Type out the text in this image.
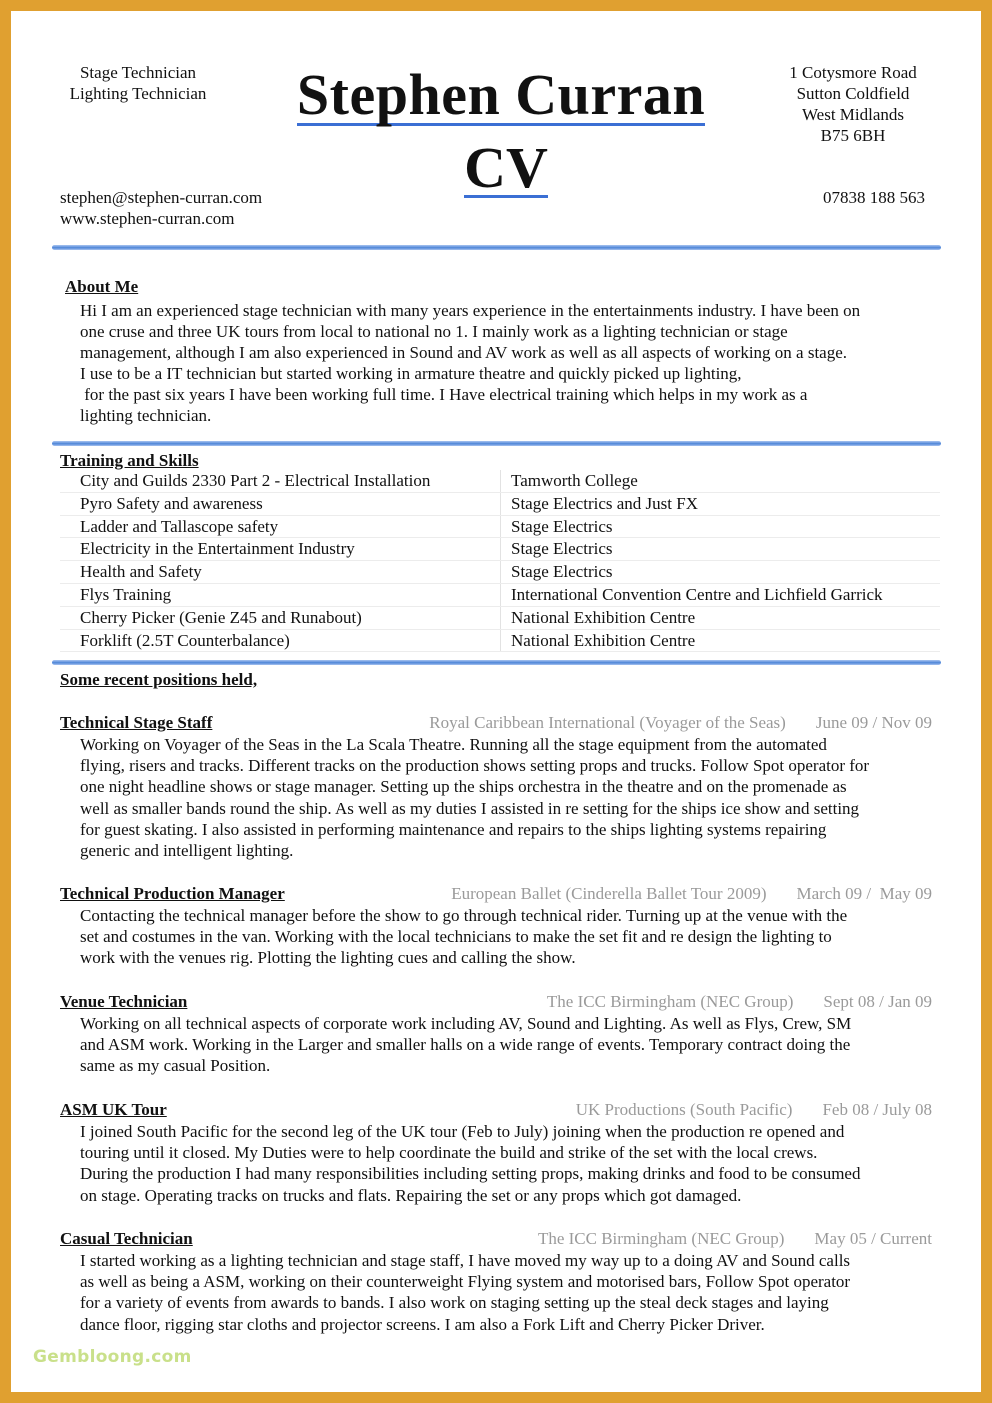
Stage Technician
Lighting Technician	Stephen Curran
CV
1 Cotysmore Road
Sutton Coldfield
West Midlands
B75 6BH
stephen@stephen-curran.com
www.stephen-curran.com
07838 188 563
About Me
Hi I am an experienced stage technician with many years experience in the entertainments industry. I have been on
one cruse and three UK tours from local to national no 1. I mainly work as a lighting technician or stage
management, although I am also experienced in Sound and AV work as well as all aspects of working on a stage.
I use to be a IT technician but started working in armature theatre and quickly picked up lighting,
for the past six years I have been working full time. I Have electrical training which helps in my work as a
lighting technician.
Training and Skills
City and Guilds 2330 Part 2 - Electrical Installation	Tamworth College
Pyro Safety and awareness	Stage Electrics and Just FX
Ladder and Tallascope safety	Stage Electrics
Electricity in the Entertainment Industry	Stage Electrics
Health and Safety	Stage Electrics
Flys Training	International Convention Centre and Lichfield Garrick
Cherry Picker (Genie Z45 and Runabout)	National Exhibition Centre
Forklift (2.5T Counterbalance)	National Exhibition Centre
Some recent positions held,
Technical Stage Staff	Royal Caribbean International (Voyager of the Seas) June 09 / Nov 09
Working on Voyager of the Seas in the La Scala Theatre. Running all the stage equipment from the automated
flying, risers and tracks. Different tracks on the production shows setting props and trucks. Follow Spot operator for
one night headline shows or stage manager. Setting up the ships orchestra in the theatre and on the promenade as
well as smaller bands round the ship. As well as my duties I assisted in re setting for the ships ice show and setting
for guest skating. I also assisted in performing maintenance and repairs to the ships lighting systems repairing
generic and intelligent lighting.
Technical Production Manager	European Ballet (Cinderella Ballet Tour 2009) March 09 /  May 09
Contacting the technical manager before the show to go through technical rider. Turning up at the venue with the
set and costumes in the van. Working with the local technicians to make the set fit and re design the lighting to
work with the venues rig. Plotting the lighting cues and calling the show.
Venue Technician	The ICC Birmingham (NEC Group) Sept 08 / Jan 09
Working on all technical aspects of corporate work including AV, Sound and Lighting. As well as Flys, Crew, SM
and ASM work. Working in the Larger and smaller halls on a wide range of events. Temporary contract doing the
same as my casual Position.
ASM UK Tour	UK Productions (South Pacific) Feb 08 / July 08
I joined South Pacific for the second leg of the UK tour (Feb to July) joining when the production re opened and
touring until it closed. My Duties were to help coordinate the build and strike of the set with the local crews.
During the production I had many responsibilities including setting props, making drinks and food to be consumed
on stage. Operating tracks on trucks and flats. Repairing the set or any props which got damaged.
Casual Technician	The ICC Birmingham (NEC Group) May 05 / Current
I started working as a lighting technician and stage staff, I have moved my way up to a doing AV and Sound calls
as well as being a ASM, working on their counterweight Flying system and motorised bars, Follow Spot operator
for a variety of events from awards to bands. I also work on staging setting up the steal deck stages and laying
dance floor, rigging star cloths and projector screens. I am also a Fork Lift and Cherry Picker Driver.
Gembloong.com
